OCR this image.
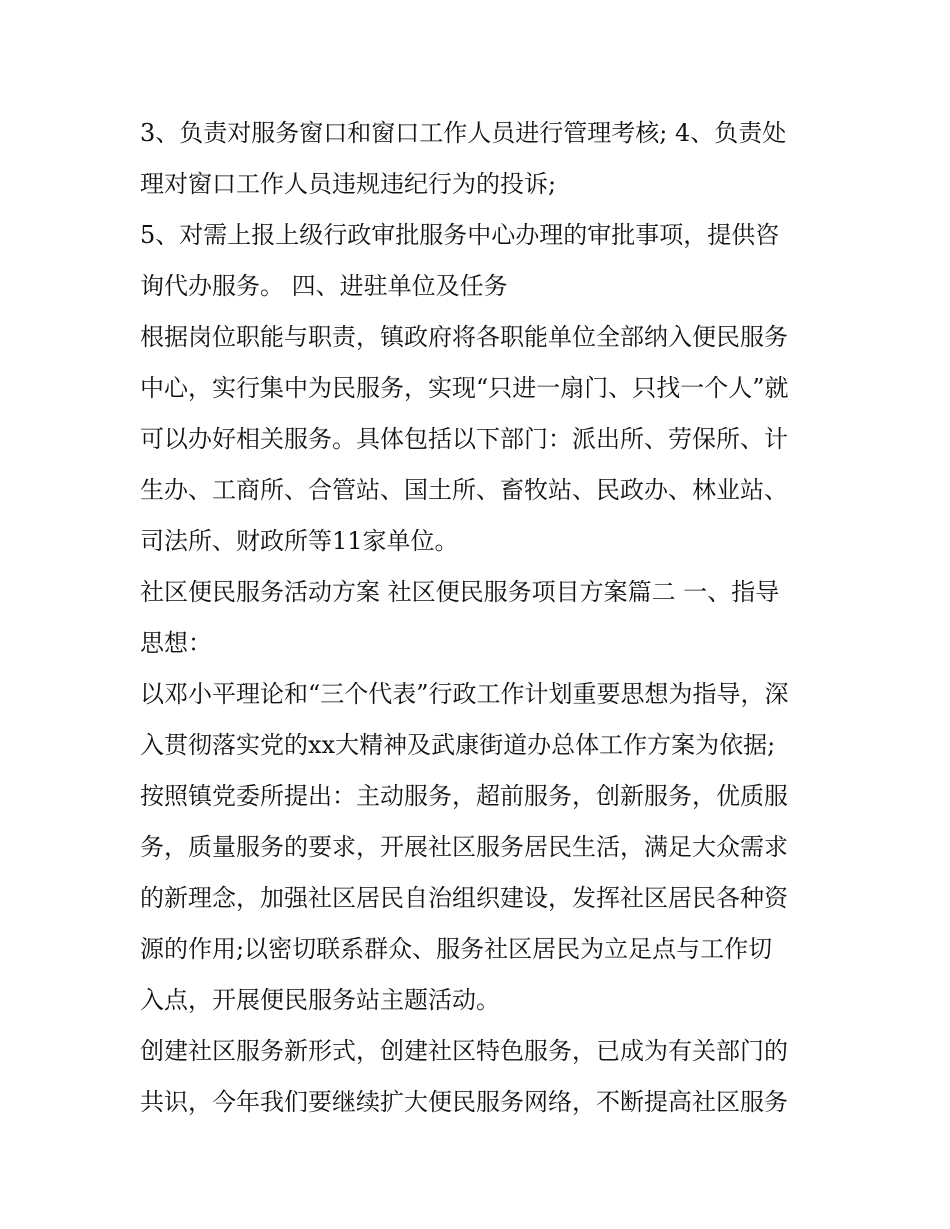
3、负责对服务窗口和窗口工作人员进行管理考核; 4、负责处
理对窗口工作人员违规违纪行为的投诉;
5、对需上报上级行政审批服务中心办理的审批事项，提供咨
询代办服务。 四、进驻单位及任务
根据岗位职能与职责，镇政府将各职能单位全部纳入便民服务
中心，实行集中为民服务，实现“只进一扇门、只找一个人”就
可以办好相关服务。具体包括以下部门：派出所、劳保所、计
生办、工商所、合管站、国土所、畜牧站、民政办、林业站、
司法所、财政所等11家单位。
社区便民服务活动方案 社区便民服务项目方案篇二 一、指导
思想：
以邓小平理论和“三个代表”行政工作计划重要思想为指导，深
入贯彻落实党的xx大精神及武康街道办总体工作方案为依据;
按照镇党委所提出：主动服务，超前服务，创新服务，优质服
务，质量服务的要求，开展社区服务居民生活，满足大众需求
的新理念，加强社区居民自治组织建设，发挥社区居民各种资
源的作用;以密切联系群众、服务社区居民为立足点与工作切
入点，开展便民服务站主题活动。
创建社区服务新形式，创建社区特色服务，已成为有关部门的
共识，今年我们要继续扩大便民服务网络，不断提高社区服务
